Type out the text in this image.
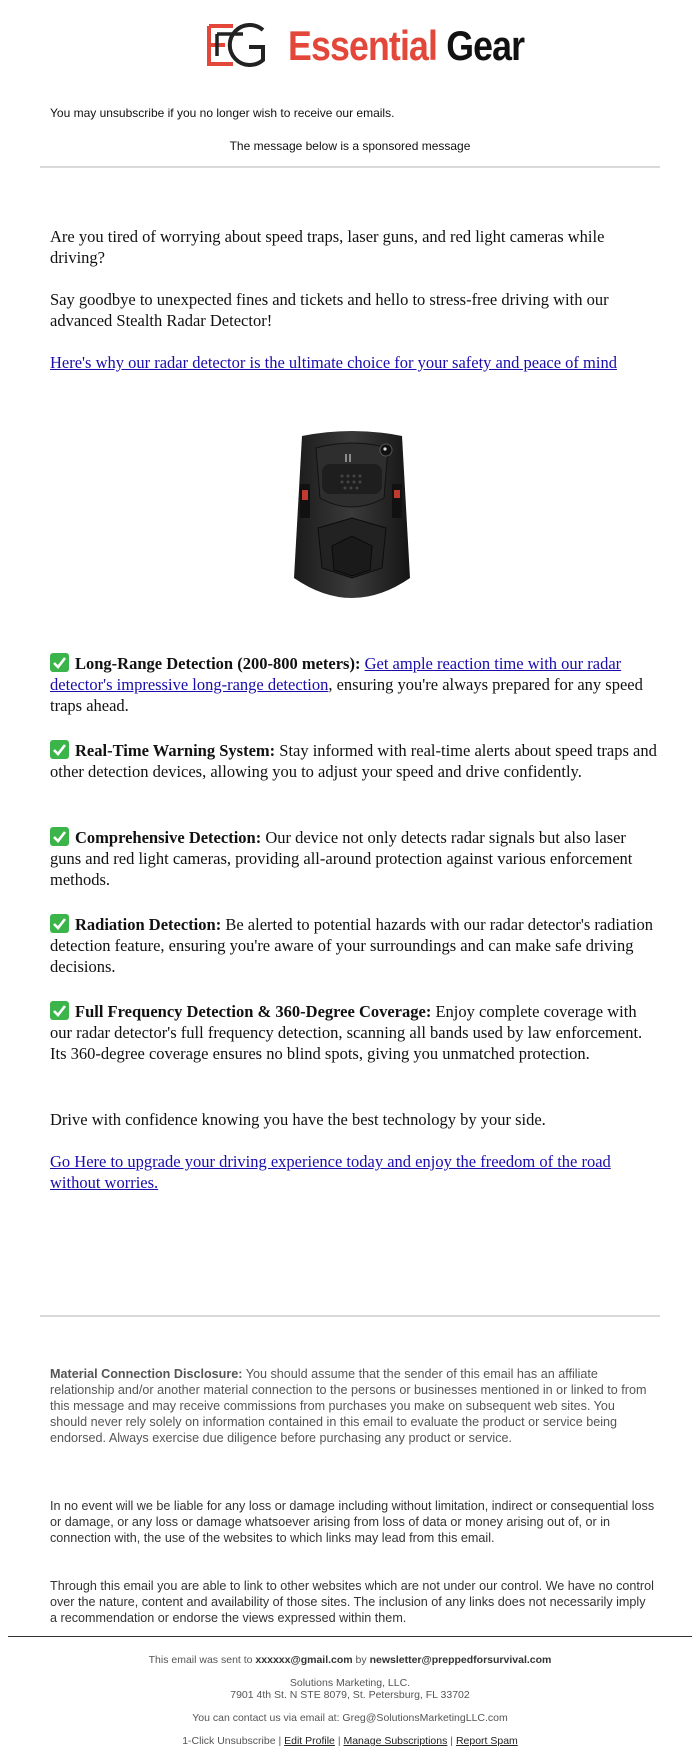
Essential Gear
You may unsubscribe if you no longer wish to receive our emails.
The message below is a sponsored message

Are you tired of worrying about speed traps, laser guns, and red light cameras while driving?

Say goodbye to unexpected fines and tickets and hello to stress-free driving with our advanced Stealth Radar Detector!

Here's why our radar detector is the ultimate choice for your safety and peace of mind

Long-Range Detection (200-800 meters): Get ample reaction time with our radar detector's impressive long-range detection, ensuring you're always prepared for any speed traps ahead.

Real-Time Warning System: Stay informed with real-time alerts about speed traps and other detection devices, allowing you to adjust your speed and drive confidently.

Comprehensive Detection: Our device not only detects radar signals but also laser guns and red light cameras, providing all-around protection against various enforcement methods.

Radiation Detection: Be alerted to potential hazards with our radar detector's radiation detection feature, ensuring you're aware of your surroundings and can make safe driving decisions.

Full Frequency Detection & 360-Degree Coverage: Enjoy complete coverage with our radar detector's full frequency detection, scanning all bands used by law enforcement. Its 360-degree coverage ensures no blind spots, giving you unmatched protection.

Drive with confidence knowing you have the best technology by your side.

Go Here to upgrade your driving experience today and enjoy the freedom of the road without worries.

Material Connection Disclosure: You should assume that the sender of this email has an affiliate relationship and/or another material connection to the persons or businesses mentioned in or linked to from this message and may receive commissions from purchases you make on subsequent web sites. You should never rely solely on information contained in this email to evaluate the product or service being endorsed. Always exercise due diligence before purchasing any product or service.

In no event will we be liable for any loss or damage including without limitation, indirect or consequential loss or damage, or any loss or damage whatsoever arising from loss of data or money arising out of, or in connection with, the use of the websites to which links may lead from this email.

Through this email you are able to link to other websites which are not under our control. We have no control over the nature, content and availability of those sites. The inclusion of any links does not necessarily imply a recommendation or endorse the views expressed within them.

This email was sent to xxxxxx@gmail.com by newsletter@preppedforsurvival.com
Solutions Marketing, LLC.
7901 4th St. N STE 8079, St. Petersburg, FL 33702
You can contact us via email at: Greg@SolutionsMarketingLLC.com
1-Click Unsubscribe | Edit Profile | Manage Subscriptions | Report Spam
